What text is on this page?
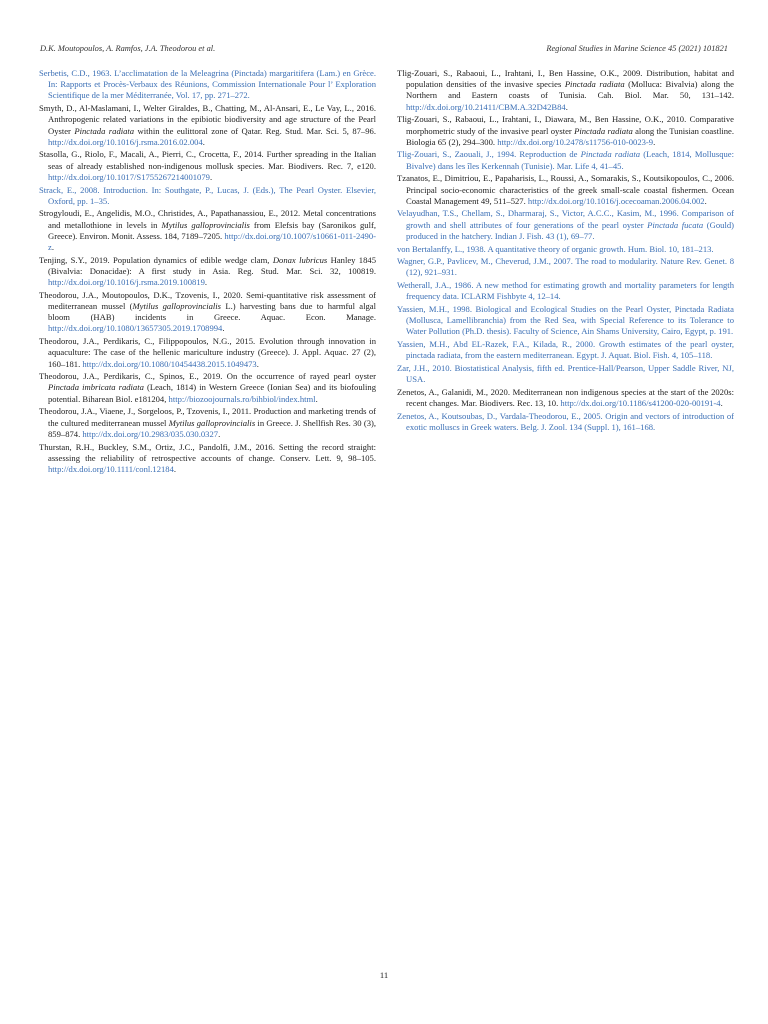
D.K. Moutopoulos, A. Ramfos, J.A. Theodorou et al.	Regional Studies in Marine Science 45 (2021) 101821

Serbetis, C.D., 1963. L’acclimatation de la Meleagrina (Pinctada) margaritifera (Lam.) en Grèce. In: Rapports et Procès-Verbaux des Réunions, Commission Internationale Pour l’ Exploration Scientifique de la mer Méditerranée, Vol. 17, pp. 271–272.

Smyth, D., Al-Maslamani, I., Welter Giraldes, B., Chatting, M., Al-Ansari, E., Le Vay, L., 2016. Anthropogenic related variations in the epibiotic biodiversity and age structure of the Pearl Oyster Pinctada radiata within the eulittoral zone of Qatar. Reg. Stud. Mar. Sci. 5, 87–96. http://dx.doi.org/10.1016/j.rsma.2016.02.004.

Stasolla, G., Riolo, F., Macali, A., Pierri, C., Crocetta, F., 2014. Further spreading in the Italian seas of already established non-indigenous mollusk species. Mar. Biodivers. Rec. 7, e120. http://dx.doi.org/10.1017/S1755267214001079.

Strack, E., 2008. Introduction. In: Southgate, P., Lucas, J. (Eds.), The Pearl Oyster. Elsevier, Oxford, pp. 1–35.

Strogyloudi, E., Angelidis, M.O., Christides, A., Papathanassiou, E., 2012. Metal concentrations and metallothione in levels in Mytilus galloprovincialis from Elefsis bay (Saronikos gulf, Greece). Environ. Monit. Assess. 184, 7189–7205. http://dx.doi.org/10.1007/s10661-011-2490-z.

Tenjing, S.Y., 2019. Population dynamics of edible wedge clam, Donax lubricus Hanley 1845 (Bivalvia: Donacidae): A first study in Asia. Reg. Stud. Mar. Sci. 32, 100819. http://dx.doi.org/10.1016/j.rsma.2019.100819.

Theodorou, J.A., Moutopoulos, D.K., Tzovenis, I., 2020. Semi-quantitative risk assessment of mediterranean mussel (Mytilus galloprovincialis L.) harvesting bans due to harmful algal bloom (HAB) incidents in Greece. Aquac. Econ. Manage. http://dx.doi.org/10.1080/13657305.2019.1708994.

Theodorou, J.A., Perdikaris, C., Filippopoulos, N.G., 2015. Evolution through innovation in aquaculture: The case of the hellenic mariculture industry (Greece). J. Appl. Aquac. 27 (2), 160–181. http://dx.doi.org/10.1080/10454438.2015.1049473.

Theodorou, J.A., Perdikaris, C., Spinos, E., 2019. On the occurrence of rayed pearl oyster Pinctada imbricata radiata (Leach, 1814) in Western Greece (Ionian Sea) and its biofouling potential. Biharean Biol. e181204, http://biozoojournals.ro/bihbiol/index.html.

Theodorou, J.A., Viaene, J., Sorgeloos, P., Tzovenis, I., 2011. Production and marketing trends of the cultured mediterranean mussel Mytilus galloprovincialis in Greece. J. Shellfish Res. 30 (3), 859–874. http://dx.doi.org/10.2983/035.030.0327.

Thurstan, R.H., Buckley, S.M., Ortiz, J.C., Pandolfi, J.M., 2016. Setting the record straight: assessing the reliability of retrospective accounts of change. Conserv. Lett. 9, 98–105. http://dx.doi.org/10.1111/conl.12184.

Tlig-Zouari, S., Rabaoui, L., Irahtani, I., Ben Hassine, O.K., 2009. Distribution, habitat and population densities of the invasive species Pinctada radiata (Molluca: Bivalvia) along the Northern and Eastern coasts of Tunisia. Cah. Biol. Mar. 50, 131–142. http://dx.doi.org/10.21411/CBM.A.32D42B84.

Tlig-Zouari, S., Rabaoui, L., Irahtani, I., Diawara, M., Ben Hassine, O.K., 2010. Comparative morphometric study of the invasive pearl oyster Pinctada radiata along the Tunisian coastline. Biologia 65 (2), 294–300. http://dx.doi.org/10.2478/s11756-010-0023-9.

Tlig-Zouari, S., Zaouali, J., 1994. Reproduction de Pinctada radiata (Leach, 1814, Mollusque: Bivalve) dans les îles Kerkennah (Tunisie). Mar. Life 4, 41–45.

Tzanatos, E., Dimitriou, E., Papaharisis, L., Roussi, A., Somarakis, S., Koutsikopoulos, C., 2006. Principal socio-economic characteristics of the greek small-scale coastal fishermen. Ocean Coastal Management 49, 511–527. http://dx.doi.org/10.1016/j.ocecoaman.2006.04.002.

Velayudhan, T.S., Chellam, S., Dharmaraj, S., Victor, A.C.C., Kasim, M., 1996. Comparison of growth and shell attributes of four generations of the pearl oyster Pinctada fucata (Gould) produced in the hatchery. Indian J. Fish. 43 (1), 69–77.

von Bertalanffy, L., 1938. A quantitative theory of organic growth. Hum. Biol. 10, 181–213.

Wagner, G.P., Pavlicev, M., Cheverud, J.M., 2007. The road to modularity. Nature Rev. Genet. 8 (12), 921–931.

Wetherall, J.A., 1986. A new method for estimating growth and mortality parameters for length frequency data. ICLARM Fishbyte 4, 12–14.

Yassien, M.H., 1998. Biological and Ecological Studies on the Pearl Oyster, Pinctada Radiata (Mollusca, Lamellibranchia) from the Red Sea, with Special Reference to its Tolerance to Water Pollution (Ph.D. thesis). Faculty of Science, Ain Shams University, Cairo, Egypt, p. 191.

Yassien, M.H., Abd EL-Razek, F.A., Kilada, R., 2000. Growth estimates of the pearl oyster, pinctada radiata, from the eastern mediterranean. Egypt. J. Aquat. Biol. Fish. 4, 105–118.

Zar, J.H., 2010. Biostatistical Analysis, fifth ed. Prentice-Hall/Pearson, Upper Saddle River, NJ, USA.

Zenetos, A., Galanidi, M., 2020. Mediterranean non indigenous species at the start of the 2020s: recent changes. Mar. Biodivers. Rec. 13, 10. http://dx.doi.org/10.1186/s41200-020-00191-4.

Zenetos, A., Koutsoubas, D., Vardala-Theodorou, E., 2005. Origin and vectors of introduction of exotic molluscs in Greek waters. Belg. J. Zool. 134 (Suppl. 1), 161–168.

11
